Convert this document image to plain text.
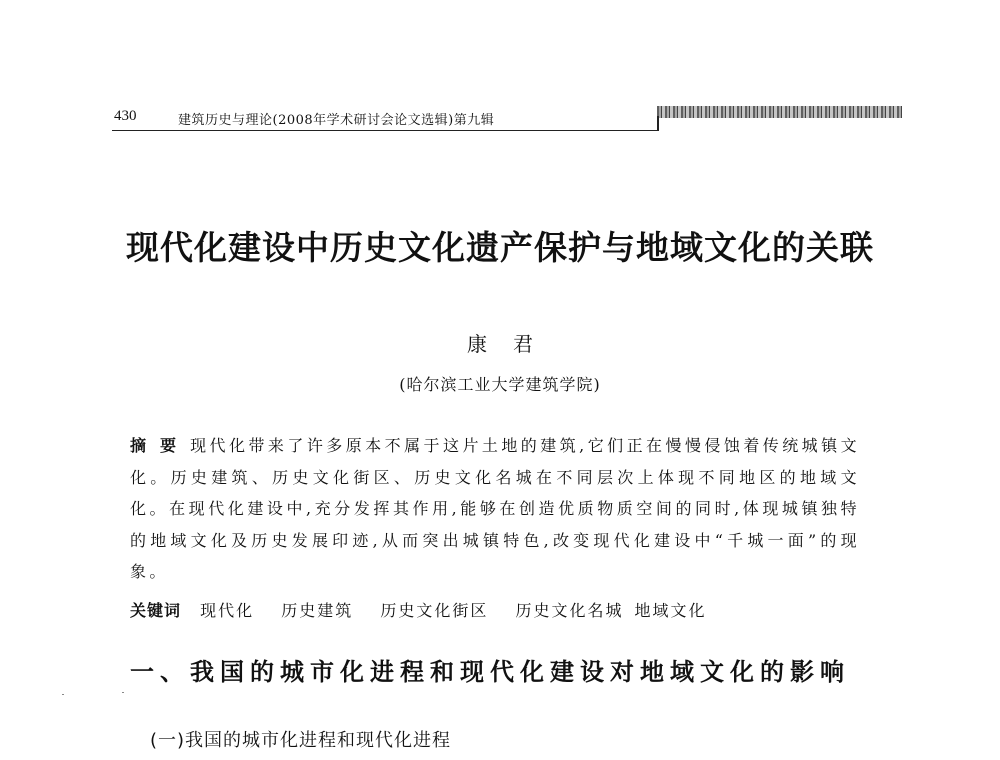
430	建筑历史与理论(2008年学术研讨会论文选辑)第九辑
现代化建设中历史文化遗产保护与地域文化的关联
康君
(哈尔滨工业大学建筑学院)
摘要现代化带来了许多原本不属于这片土地的建筑,它们正在慢慢侵蚀着传统城镇文化。历史建筑、历史文化街区、历史文化名城在不同层次上体现不同地区的地域文化。在现代化建设中,充分发挥其作用,能够在创造优质物质空间的同时,体现城镇独特的地域文化及历史发展印迹,从而突出城镇特色,改变现代化建设中“千城一面”的现象。
关键词 现代化 历史建筑 历史文化街区 历史文化名城 地域文化
一、我国的城市化进程和现代化建设对地域文化的影响
(一)我国的城市化进程和现代化进程
